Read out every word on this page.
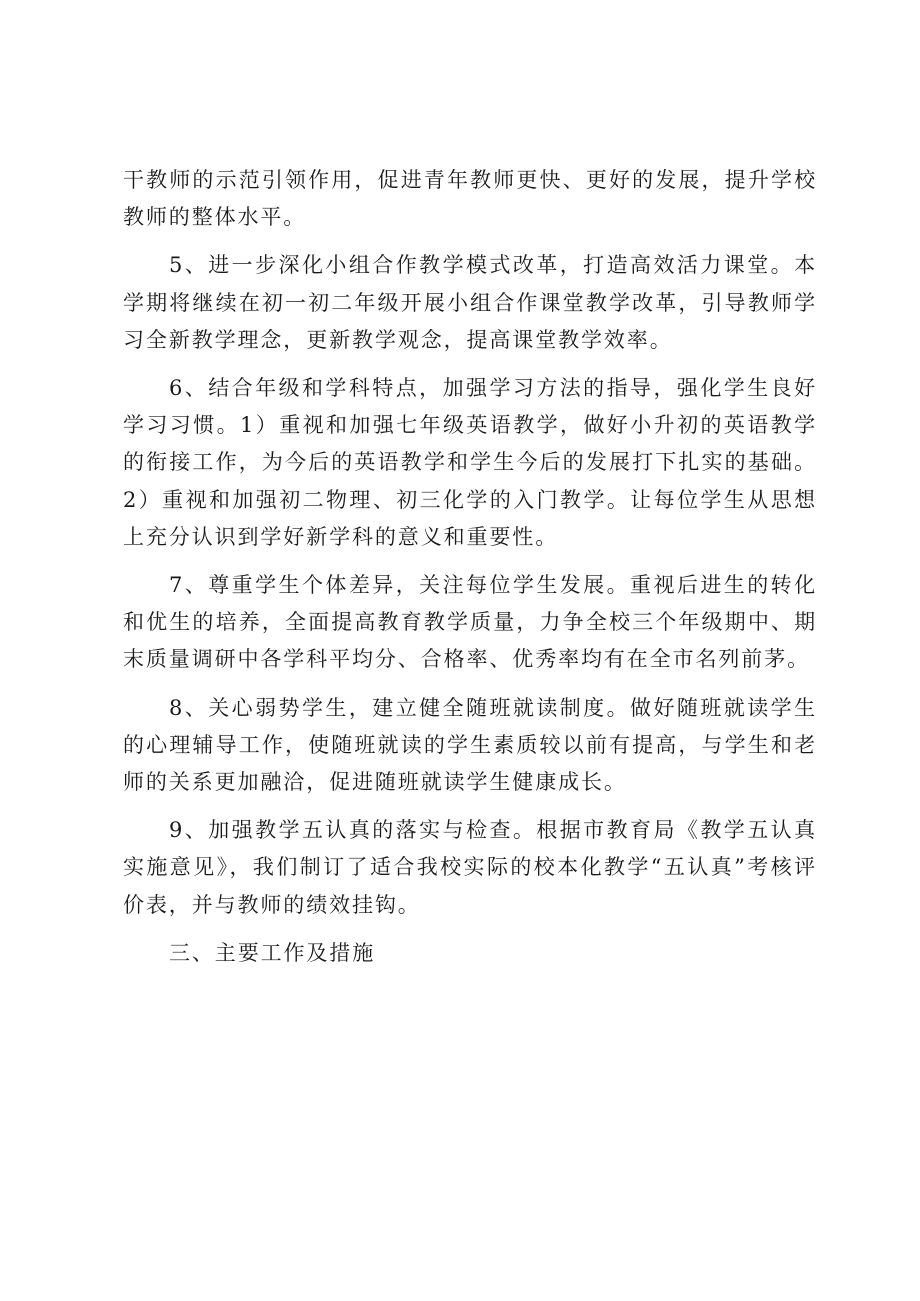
干教师的示范引领作用，促进青年教师更快、更好的发展，提升学校教师的整体水平。

5、进一步深化小组合作教学模式改革，打造高效活力课堂。本学期将继续在初一初二年级开展小组合作课堂教学改革，引导教师学习全新教学理念，更新教学观念，提高课堂教学效率。

6、结合年级和学科特点，加强学习方法的指导，强化学生良好学习习惯。1）重视和加强七年级英语教学，做好小升初的英语教学的衔接工作，为今后的英语教学和学生今后的发展打下扎实的基础。2）重视和加强初二物理、初三化学的入门教学。让每位学生从思想上充分认识到学好新学科的意义和重要性。

7、尊重学生个体差异，关注每位学生发展。重视后进生的转化和优生的培养，全面提高教育教学质量，力争全校三个年级期中、期末质量调研中各学科平均分、合格率、优秀率均有在全市名列前茅。

8、关心弱势学生，建立健全随班就读制度。做好随班就读学生的心理辅导工作，使随班就读的学生素质较以前有提高，与学生和老师的关系更加融洽，促进随班就读学生健康成长。

9、加强教学五认真的落实与检查。根据市教育局《教学五认真实施意见》，我们制订了适合我校实际的校本化教学“五认真”考核评价表，并与教师的绩效挂钩。

三、主要工作及措施
